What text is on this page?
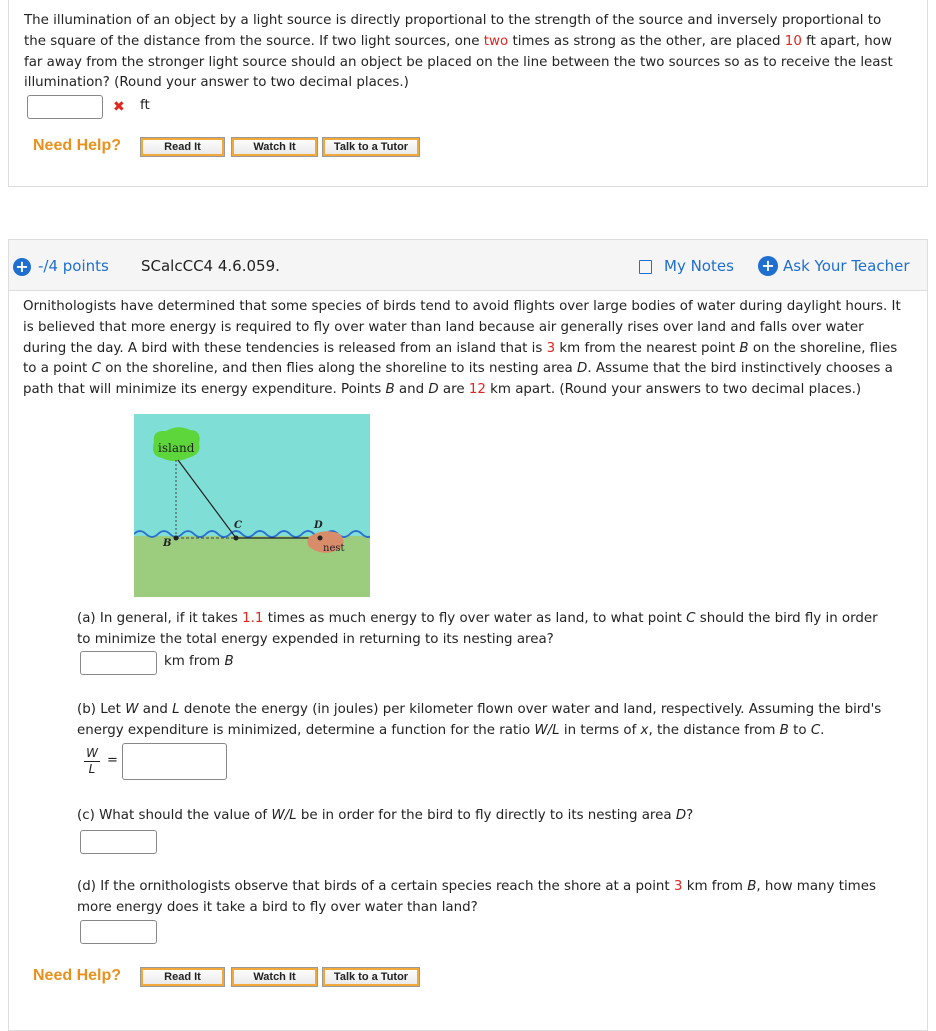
The illumination of an object by a light source is directly proportional to the strength of the source and inversely proportional to

the square of the distance from the source. If two light sources, one two times as strong as the other, are placed 10 ft apart, how

far away from the stronger light source should an object be placed on the line between the two sources so as to receive the least

illumination? (Round your answer to two decimal places.)

✖ ft
Need Help?	Read It	Watch It	Talk to a Tutor
+ -/4 points SCalcCC4 4.6.059.	My Notes + Ask Your Teacher

Ornithologists have determined that some species of birds tend to avoid flights over large bodies of water during daylight hours. It

is believed that more energy is required to fly over water than land because air generally rises over land and falls over water

during the day. A bird with these tendencies is released from an island that is 3 km from the nearest point B on the shoreline, flies

to a point C on the shoreline, and then flies along the shoreline to its nesting area D. Assume that the bird instinctively chooses a

path that will minimize its energy expenditure. Points B and D are 12 km apart. (Round your answers to two decimal places.)

island
nest
B
C	D

(a) In general, if it takes 1.1 times as much energy to fly over water as land, to what point C should the bird fly in order

to minimize the total energy expended in returning to its nesting area?

km from B

(b) Let W and L denote the energy (in joules) per kilometer flown over water and land, respectively. Assuming the bird's

energy expenditure is minimized, determine a function for the ratio W/L in terms of x, the distance from B to C.

W
L
=

(c) What should the value of W/L be in order for the bird to fly directly to its nesting area D?

(d) If the ornithologists observe that birds of a certain species reach the shore at a point 3 km from B, how many times

more energy does it take a bird to fly over water than land?

Need Help?	Read It	Watch It	Talk to a Tutor
